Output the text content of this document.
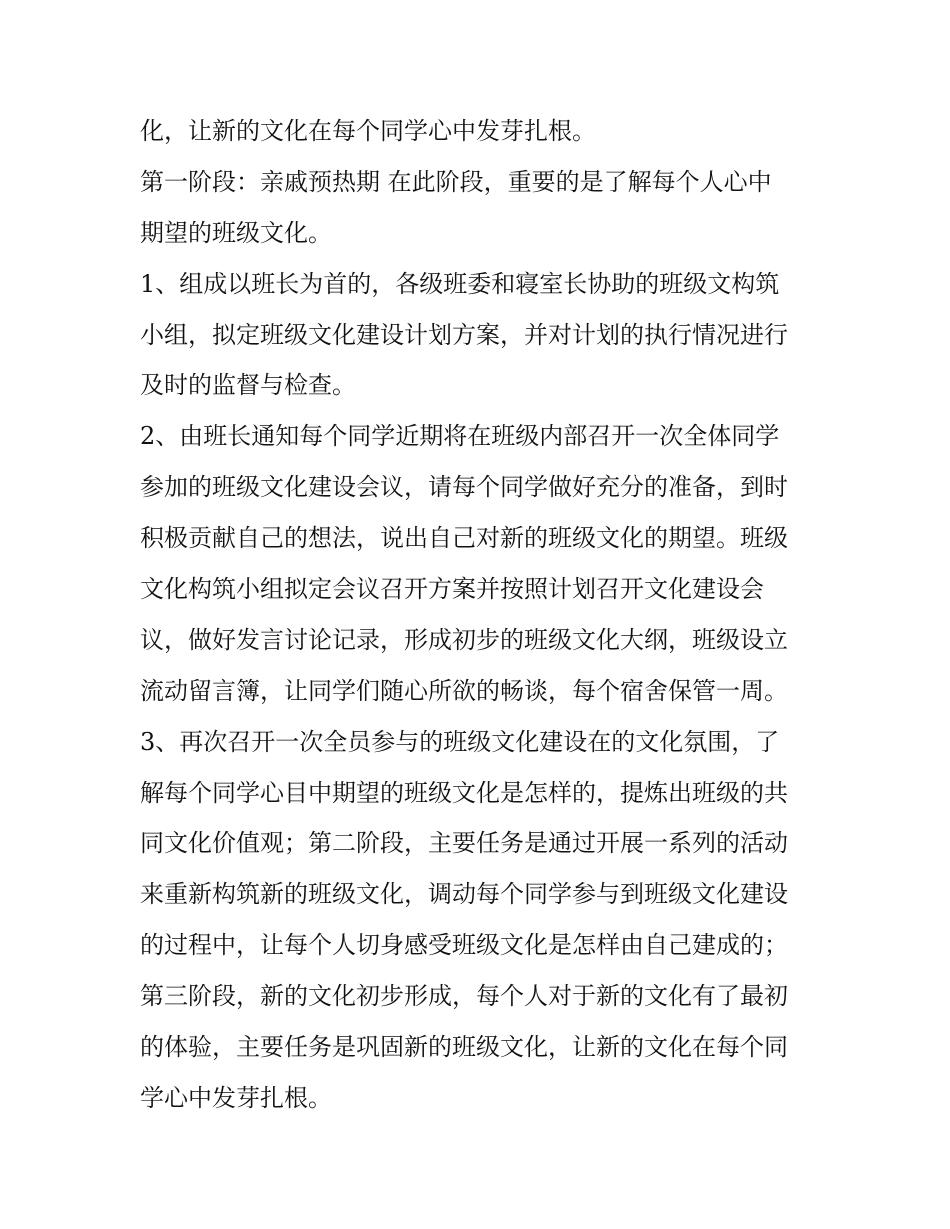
化，让新的文化在每个同学心中发芽扎根。
第一阶段：亲戚预热期 在此阶段，重要的是了解每个人心中
期望的班级文化。
1、组成以班长为首的，各级班委和寝室长协助的班级文构筑
小组，拟定班级文化建设计划方案，并对计划的执行情况进行
及时的监督与检查。
2、由班长通知每个同学近期将在班级内部召开一次全体同学
参加的班级文化建设会议，请每个同学做好充分的准备，到时
积极贡献自己的想法，说出自己对新的班级文化的期望。班级
文化构筑小组拟定会议召开方案并按照计划召开文化建设会
议，做好发言讨论记录，形成初步的班级文化大纲，班级设立
流动留言簿，让同学们随心所欲的畅谈，每个宿舍保管一周。
3、再次召开一次全员参与的班级文化建设在的文化氛围，了
解每个同学心目中期望的班级文化是怎样的，提炼出班级的共
同文化价值观；第二阶段，主要任务是通过开展一系列的活动
来重新构筑新的班级文化，调动每个同学参与到班级文化建设
的过程中，让每个人切身感受班级文化是怎样由自己建成的；
第三阶段，新的文化初步形成，每个人对于新的文化有了最初
的体验，主要任务是巩固新的班级文化，让新的文化在每个同
学心中发芽扎根。
